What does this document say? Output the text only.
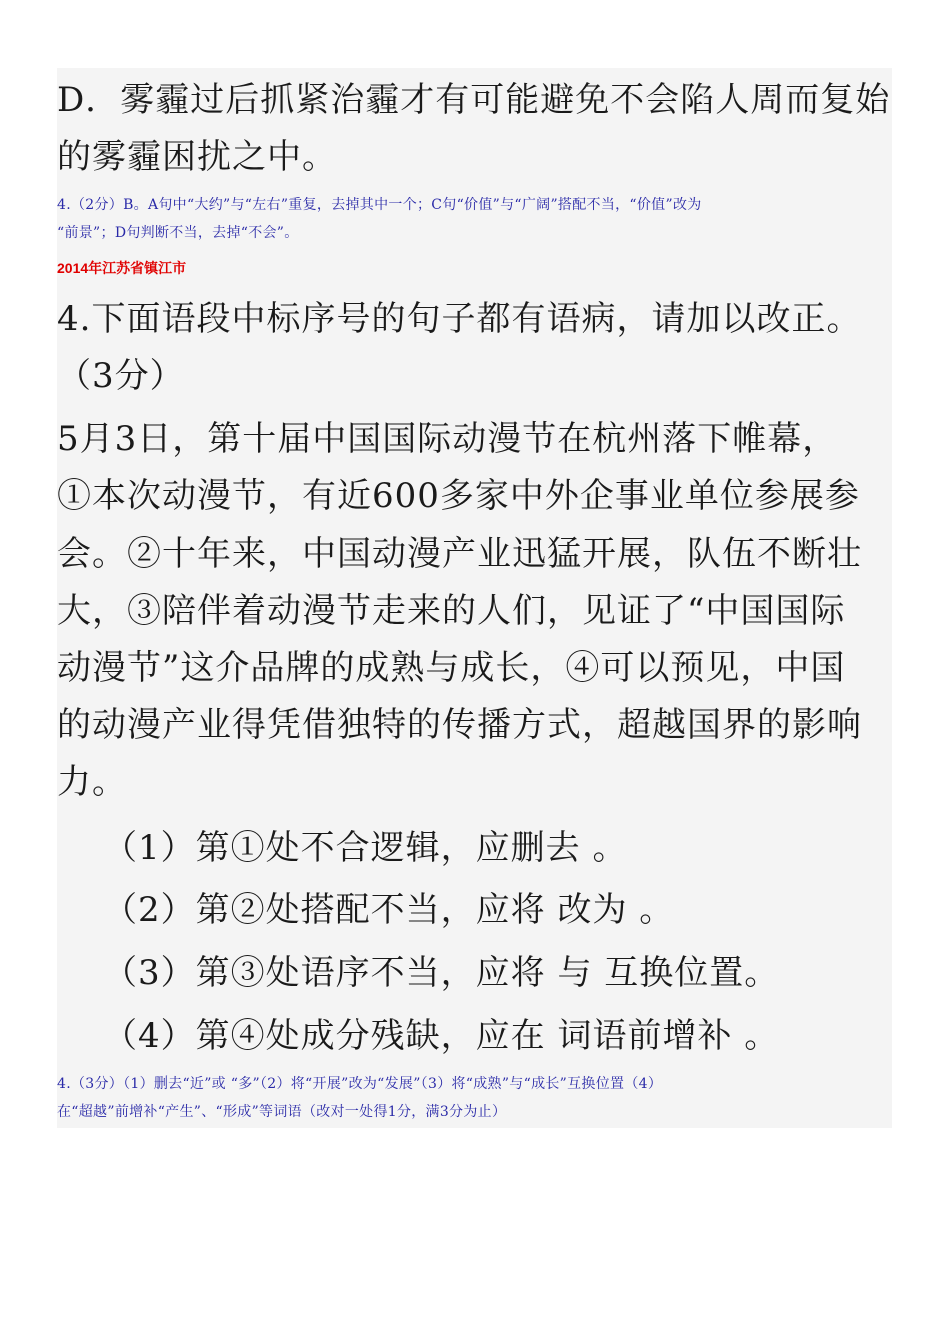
D．雾霾过后抓紧治霾才有可能避免不会陷人周而复始
的雾霾困扰之中。
4.（2分）B。A句中“大约”与“左右”重复，去掉其中一个；C句“价值”与“广阔”搭配不当，“价值”改为
“前景”；D句判断不当，去掉“不会”。
2014年江苏省镇江市
4.下面语段中标序号的句子都有语病，请加以改正。
（3分）
5月3日，第十届中国国际动漫节在杭州落下帷幕，
①本次动漫节，有近600多家中外企事业单位参展参
会。②十年来，中国动漫产业迅猛开展，队伍不断壮
大，③陪伴着动漫节走来的人们，见证了“中国国际
动漫节”这介品牌的成熟与成长，④可以预见，中国
的动漫产业得凭借独特的传播方式，超越国界的影响
力。
（1）第①处不合逻辑，应删去 。
（2）第②处搭配不当，应将 改为 。
（3）第③处语序不当，应将 与 互换位置。
（4）第④处成分残缺，应在 词语前增补 。
4.（3分）（1）删去“近”或 “多”（2）将“开展”改为“发展”（3）将“成熟”与“成长”互换位置（4）
在“超越”前增补“产生”、“形成”等词语（改对一处得1分，满3分为止）
